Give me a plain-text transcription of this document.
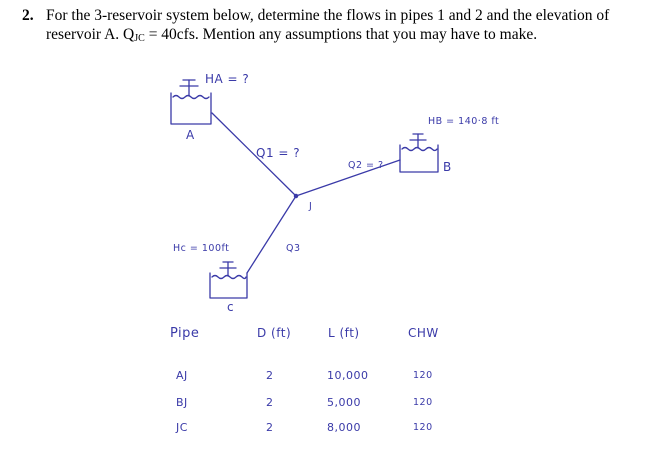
2. For the 3-reservoir system below, determine the flows in pipes 1 and 2 and the elevation of reservoir A. $Q_{JC} = 40cfs$. Mention any assumptions that you may have to make.
HA = ?
A
HB = 140·8 ft
B
Q1 = ?
Q2 = ?
J
Q3
Hc = 100ft
c
Pipe	D (ft)	L (ft)	CHW
AJ	2	10,000	120
BJ	2	5,000	120
JC	2	8,000	120
